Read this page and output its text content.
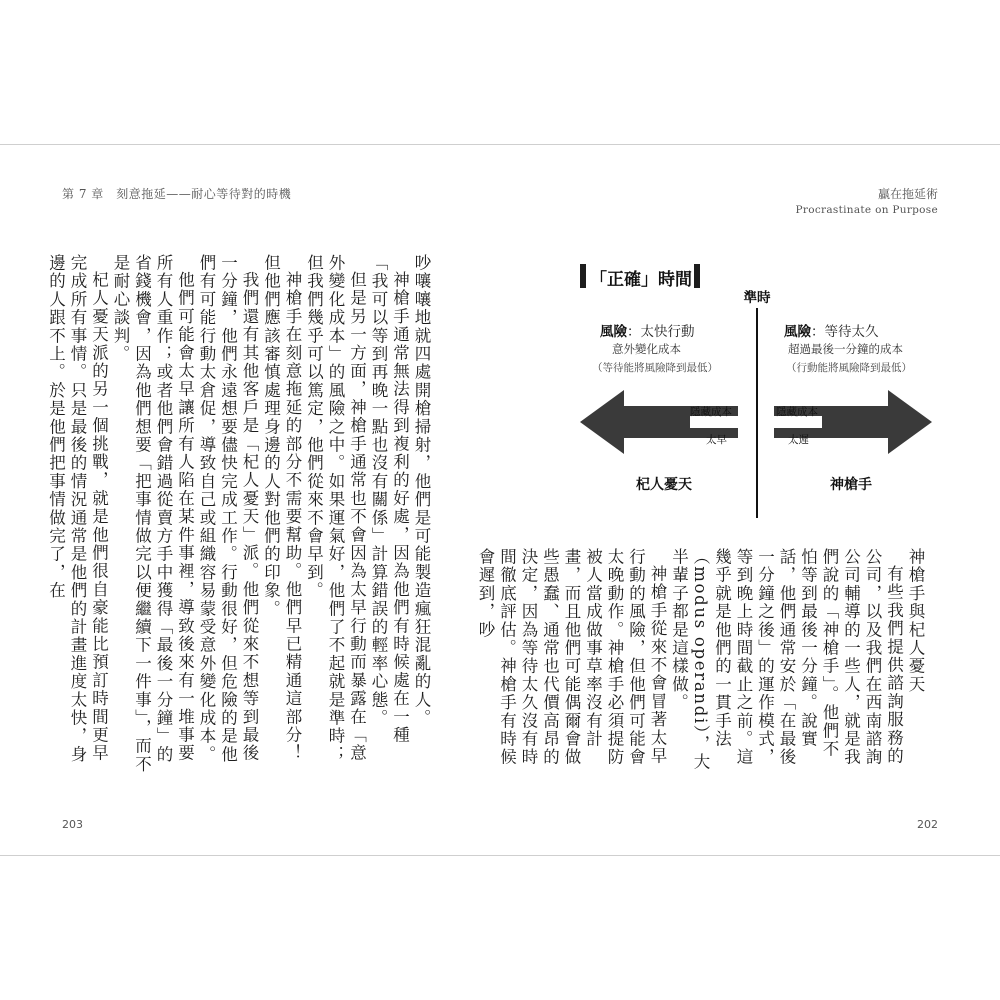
第 7 章　刻意拖延——耐心等待對的時機	贏在拖延術
Procrastinate on Purpose

吵嚷嚷地就四處開槍掃射，他們是可能製造瘋狂混亂的人。

神槍手通常無法得到複利的好處，因為他們有時候處在一種「我可以等到再晚一點也沒有關係」計算錯誤的輕率心態。

但是另一方面，神槍手通常也不會因為太早行動而暴露在「意外變化成本」的風險之中。如果運氣好，他們了不起就是準時；但我們幾乎可以篤定，他們從來不會早到。

神槍手在刻意拖延的部分不需要幫助。他們早已精通這部分！但他們應該審慎處理身邊的人對他們的印象。

我們還有其他客戶是「杞人憂天」派。他們從來不想等到最後一分鐘，他們永遠想要儘快完成工作。行動很好，但危險的是他們有可能行動太倉促，導致自己或組織容易蒙受意外變化成本。

他們可能會太早讓所有人陷在某件事裡，導致後來有一堆事要所有人重作；或者他們會錯過從賣方手中獲得「最後一分鐘」的省錢機會，因為他們想要「把事情做完以便繼續下一件事」，而不是耐心談判。

杞人憂天派的另一個挑戰，就是他們很自豪能比預訂時間更早完成所有事情。只是最後的情況通常是他們的計畫進度太快，身邊的人跟不上。於是他們把事情做完了，在	「正確」時間
準時
風險：太快行動
意外變化成本
（等待能將風險降到最低）
風險：等待太久
超過最後一分鐘的成本
（行動能將風險降到最低）
隱藏成本
太早
隱藏成本
太遲
杞人憂天	神槍手

神槍手與杞人憂天

有些我們提供諮詢服務的公司，以及我們在西南諮詢公司輔導的一些人，就是我們說的「神槍手」。他們不怕等到最後一分鐘。說實話，他們通常安於「在最後一分鐘之後」的運作模式，等到晚上時間截止之前。這幾乎就是他們的一貫手法（modus operandi），大半輩子都是這樣做。

神槍手從來不會冒著太早行動的風險，但他們可能會太晚動作。神槍手必須提防被人當成做事草率沒有計畫，而且他們可能偶爾會做些愚蠢、通常也代價高昂的決定，因為等待太久沒有時間徹底評估。神槍手有時候會遲到，吵

203	202
